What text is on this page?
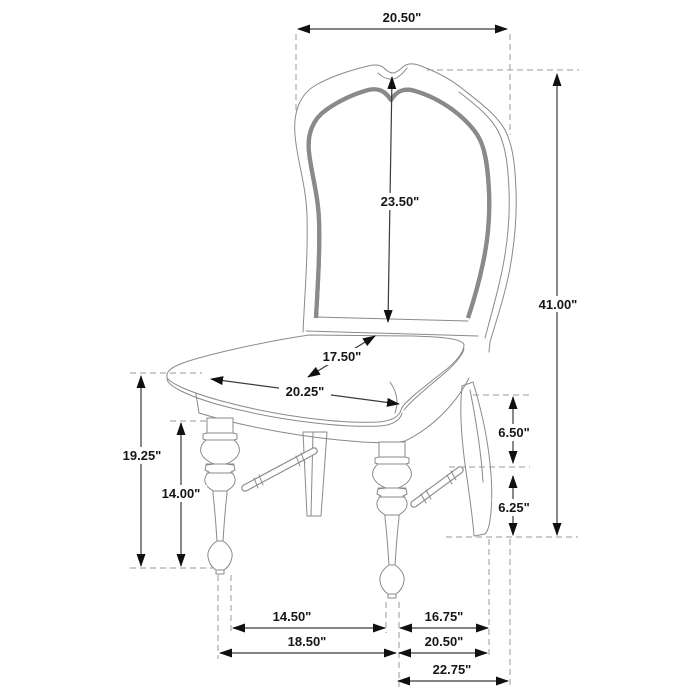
20.50"
41.00"
23.50"
17.50"
20.25"
19.25"
14.00"
6.50"
6.25"
14.50"	16.75"
18.50"	20.50"
22.75"
